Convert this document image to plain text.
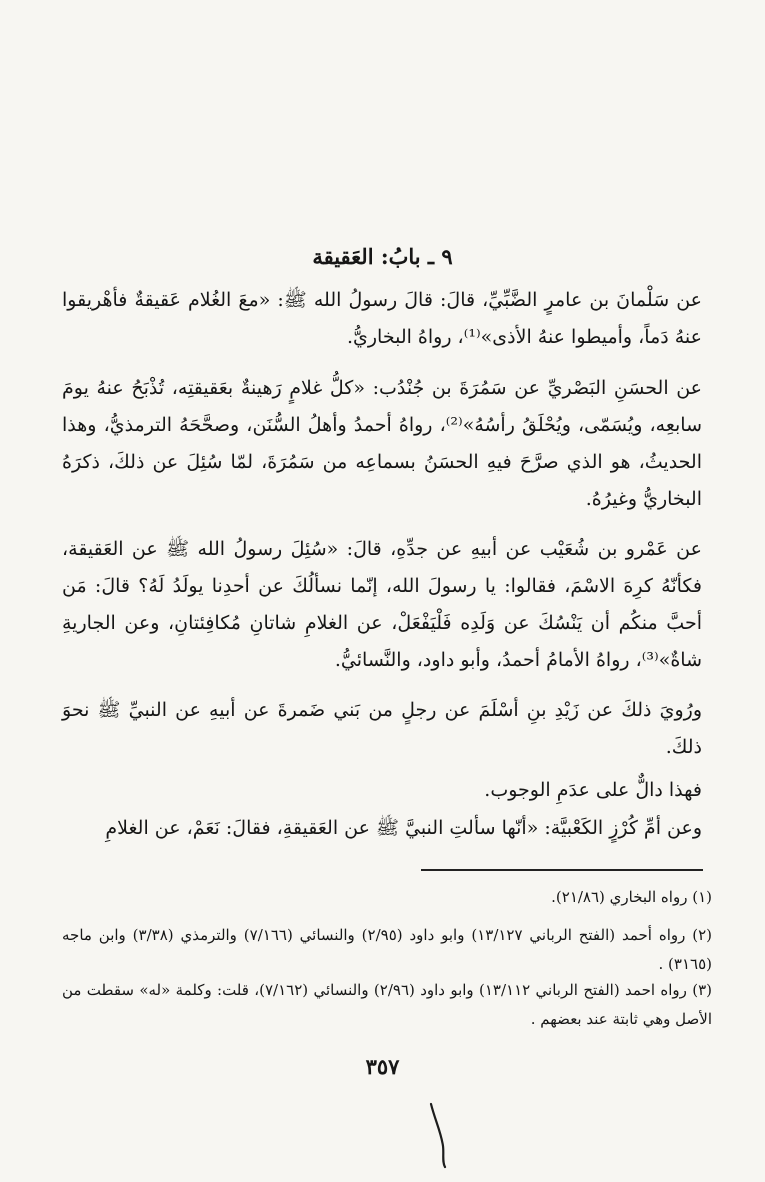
٩ ـ بابُ: العَقيقة
عن سَلْمانَ بن عامرٍ الضَّبِّيِّ، قالَ: قالَ رسولُ الله ﷺ: «معَ الغُلام عَقيقةٌ فأهْريقوا عنهُ دَماً، وأميطوا عنهُ الأذى»⁽¹⁾، رواهُ البخاريُّ.
عن الحسَنِ البَصْريِّ عن سَمُرَةَ بن جُنْدُب: «كلُّ غلامٍ رَهينةٌ بعَقيقتِه، تُذْبَحُ عنهُ يومَ سابعِه، ويُسَمّى، ويُحْلَقُ رأسُهُ»⁽²⁾، رواهُ أحمدُ وأهلُ السُّنَن، وصحَّحَهُ الترمذيُّ، وهذا الحديثُ، هو الذي صرَّحَ فيهِ الحسَنُ بسماعِه من سَمُرَةَ، لمّا سُئِلَ عن ذلكَ، ذكرَهُ البخاريُّ وغيرُهُ.
عن عَمْرو بن شُعَيْب عن أبيهِ عن جدِّهِ، قالَ: «سُئِلَ رسولُ الله ﷺ عن العَقيقة، فكأنّهُ كرِهَ الاسْمَ، فقالوا: يا رسولَ الله، إنّما نسألُكَ عن أحدِنا يولَدُ لَهُ؟ قالَ: مَن أحبَّ منكُم أن يَنْسُكَ عن وَلَدِه فَلْيَفْعَلْ، عن الغلامِ شاتانِ مُكافِئتانِ، وعن الجاريةِ شاةٌ»⁽³⁾، رواهُ الأمامُ أحمدُ، وأبو داود، والنَّسائيُّ.
ورُويَ ذلكَ عن زَيْدِ بنِ أسْلَمَ عن رجلٍ من بَني ضَمرةَ عن أبيهِ عن النبيِّ ﷺ نحوَ ذلكَ.
فهذا دالٌّ على عدَمِ الوجوب.
وعن أمِّ كُرْزٍ الكَعْبيَّة: «أنّها سألتِ النبيَّ ﷺ عن العَقيقةِ، فقالَ: نَعَمْ، عن الغلامِ
(١) رواه البخاري (٢١/٨٦).
(٢) رواه أحمد (الفتح الرباني ١٣/١٢٧) وابو داود (٢/٩٥) والنسائي (٧/١٦٦) والترمذي (٣/٣٨) وابن ماجه (٣١٦٥) .
(٣) رواه احمد (الفتح الرباني ١٣/١١٢) وابو داود (٢/٩٦) والنسائي (٧/١٦٢)، قلت: وكلمة «له» سقطت من الأصل وهي ثابتة عند بعضهم .
٣٥٧
